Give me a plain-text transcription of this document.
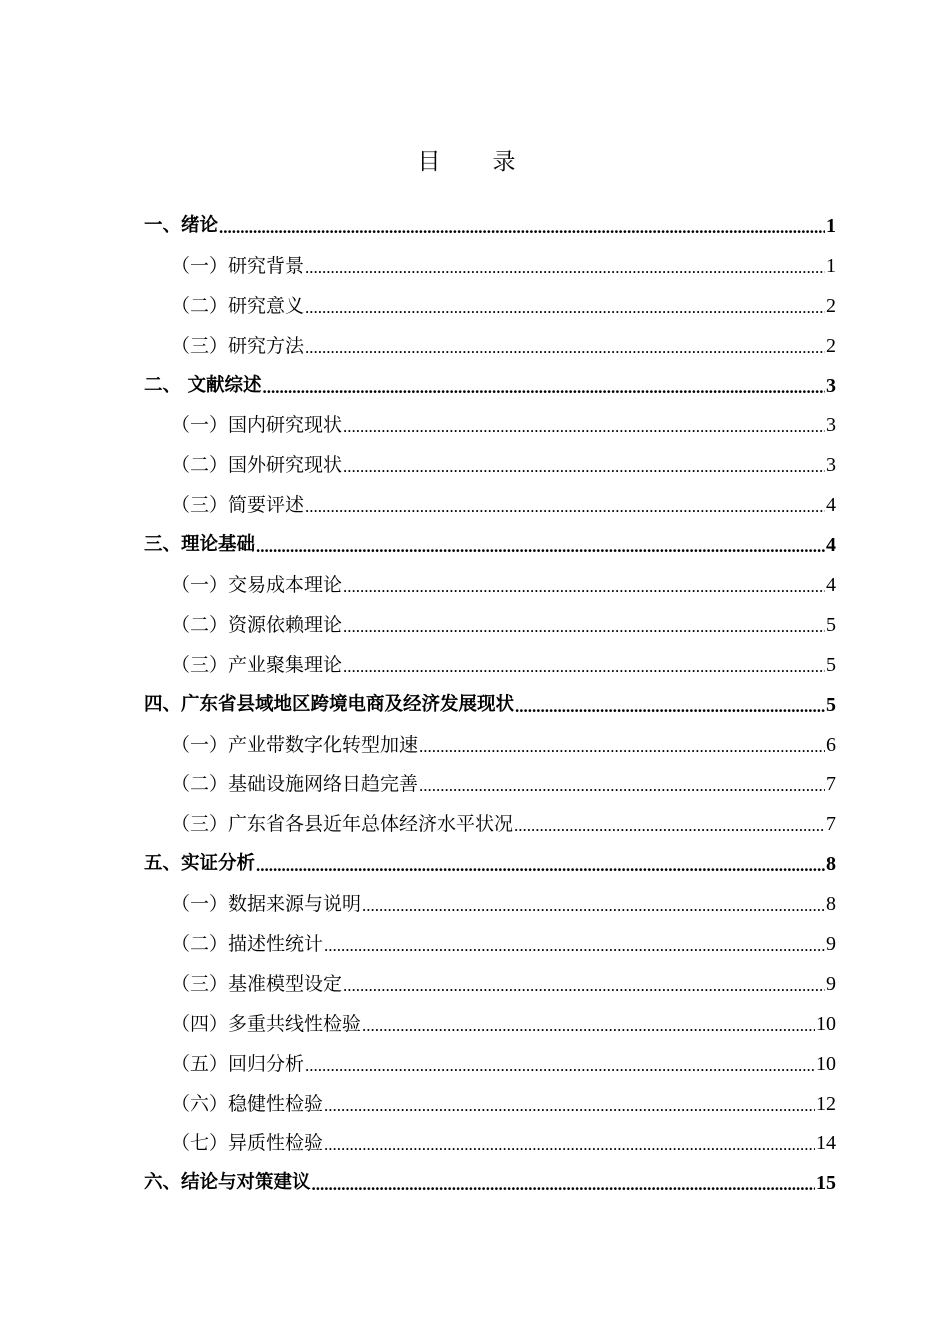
目录
一、绪论 .....	1
（一）研究背景 .....	1
（二）研究意义 .....	2
（三）研究方法 .....	2
二、 文献综述 .....	3
（一）国内研究现状 .....	3
（二）国外研究现状 .....	3
（三）简要评述 .....	4
三、理论基础 .....	4
（一）交易成本理论 .....	4
（二）资源依赖理论 .....	5
（三）产业聚集理论 .....	5
四、广东省县域地区跨境电商及经济发展现状 .....	5
（一）产业带数字化转型加速 .....	6
（二）基础设施网络日趋完善 .....	7
（三）广东省各县近年总体经济水平状况 .....	7
五、实证分析 .....	8
（一）数据来源与说明 .....	8
（二）描述性统计 .....	9
（三）基准模型设定 .....	9
（四）多重共线性检验 .....	10
（五）回归分析 .....	10
（六）稳健性检验 .....	12
（七）异质性检验 .....	14
六、结论与对策建议 .....	15
